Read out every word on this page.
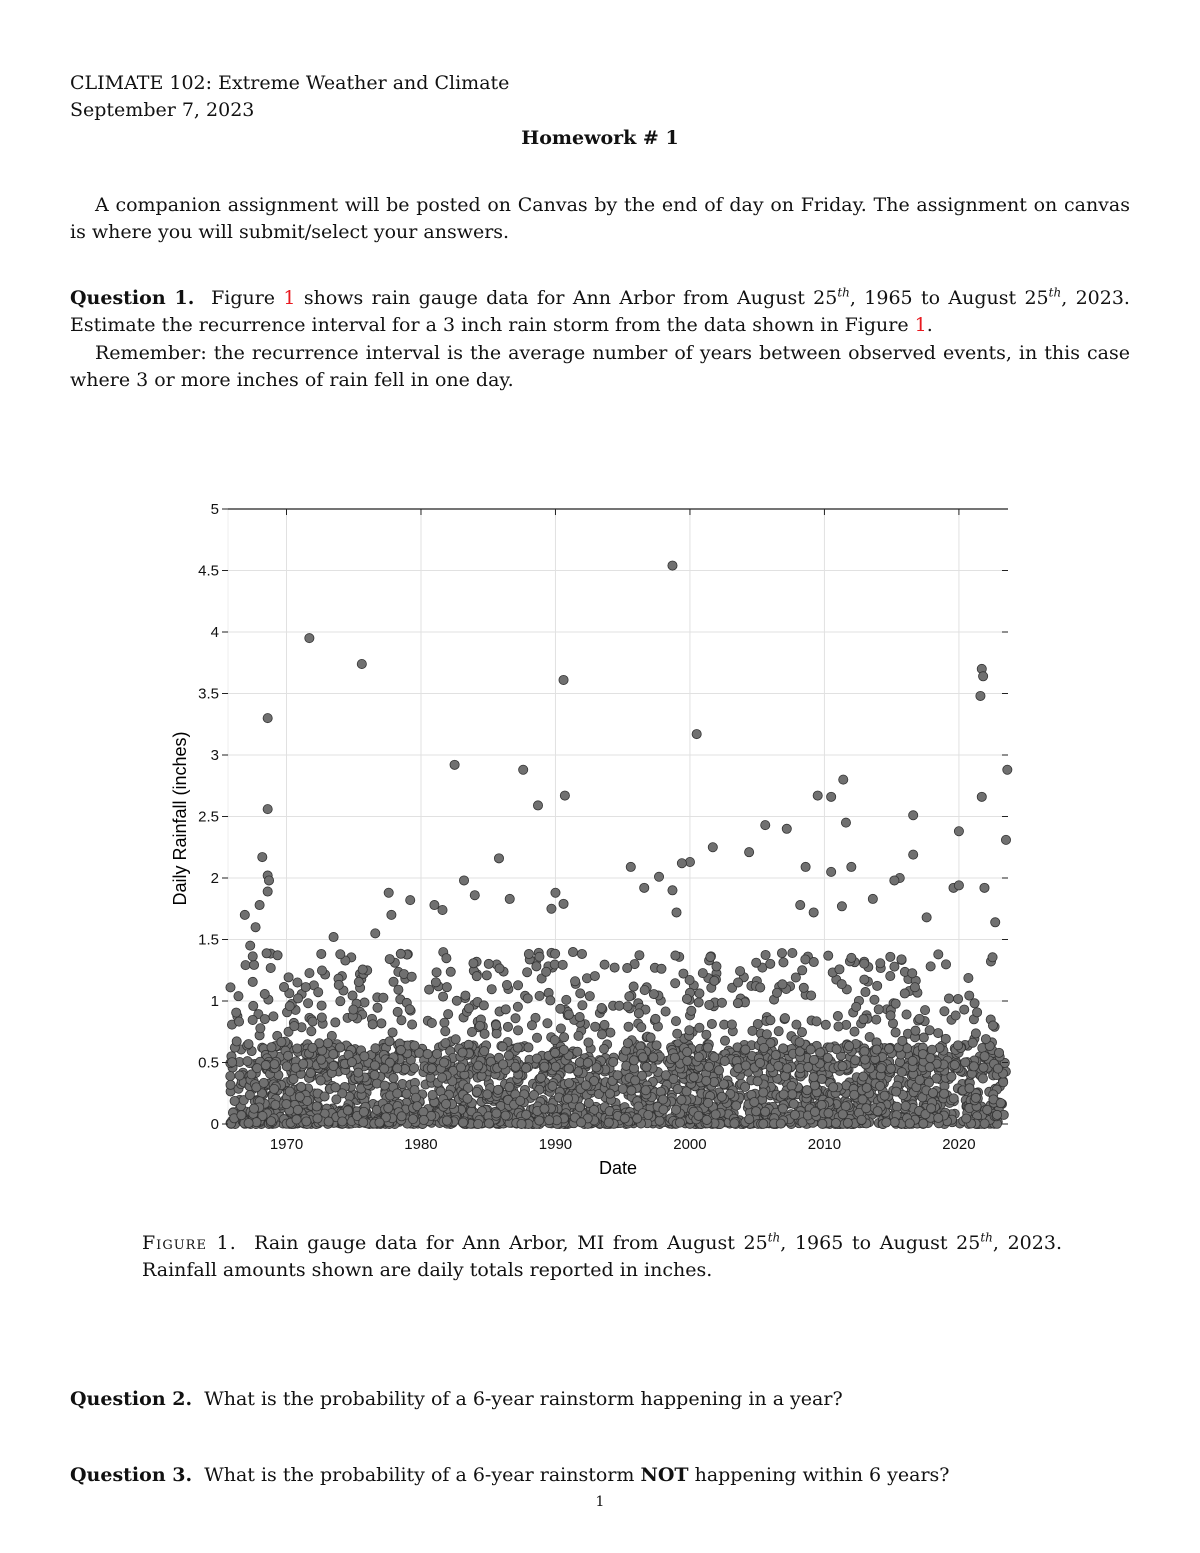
CLIMATE 102: Extreme Weather and Climate
September 7, 2023
Homework # 1
A companion assignment will be posted on Canvas by the end of day on Friday. The assignment on canvas is where you will submit/select your answers.
Question 1. Figure 1 shows rain gauge data for Ann Arbor from August 25th, 1965 to August 25th, 2023. Estimate the recurrence interval for a 3 inch rain storm from the data shown in Figure 1.
Remember: the recurrence interval is the average number of years between observed events, in this case where 3 or more inches of rain fell in one day.
0
0.5
1
1.5
2
2.5
3
3.5
4
4.5
5
1970	1980	1990	2000	2010	2020
Date
Daily Rainfall (inches)
Figure 1. Rain gauge data for Ann Arbor, MI from August 25th, 1965 to August 25th, 2023. Rainfall amounts shown are daily totals reported in inches.
Question 2. What is the probability of a 6-year rainstorm happening in a year?
Question 3. What is the probability of a 6-year rainstorm NOT happening within 6 years?
1
